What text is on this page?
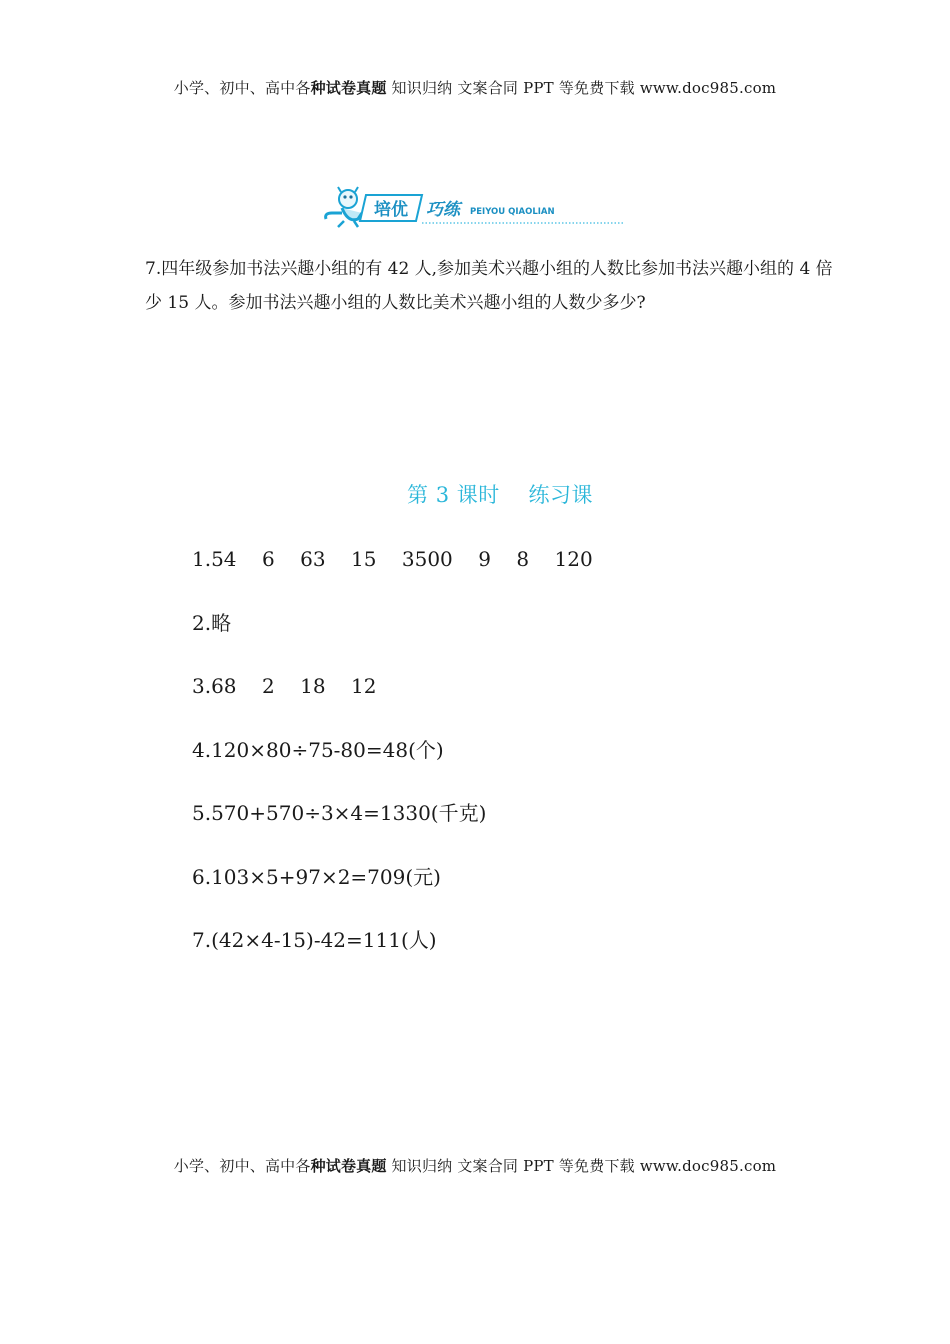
小学、初中、高中各种试卷真题 知识归纳 文案合同 PPT 等免费下载 www.doc985.com
培优 巧练	PEIYOU QIAOLIAN
7.四年级参加书法兴趣小组的有 42 人,参加美术兴趣小组的人数比参加书法兴趣小组的 4 倍少 15 人。参加书法兴趣小组的人数比美术兴趣小组的人数少多少?
第 3 课时    练习课
1.54    6    63    15    3500    9    8    120
2.略
3.68    2    18    12
4.120×80÷75-80=48(个)
5.570+570÷3×4=1330(千克)
6.103×5+97×2=709(元)
7.(42×4-15)-42=111(人)
小学、初中、高中各种试卷真题 知识归纳 文案合同 PPT 等免费下载 www.doc985.com
